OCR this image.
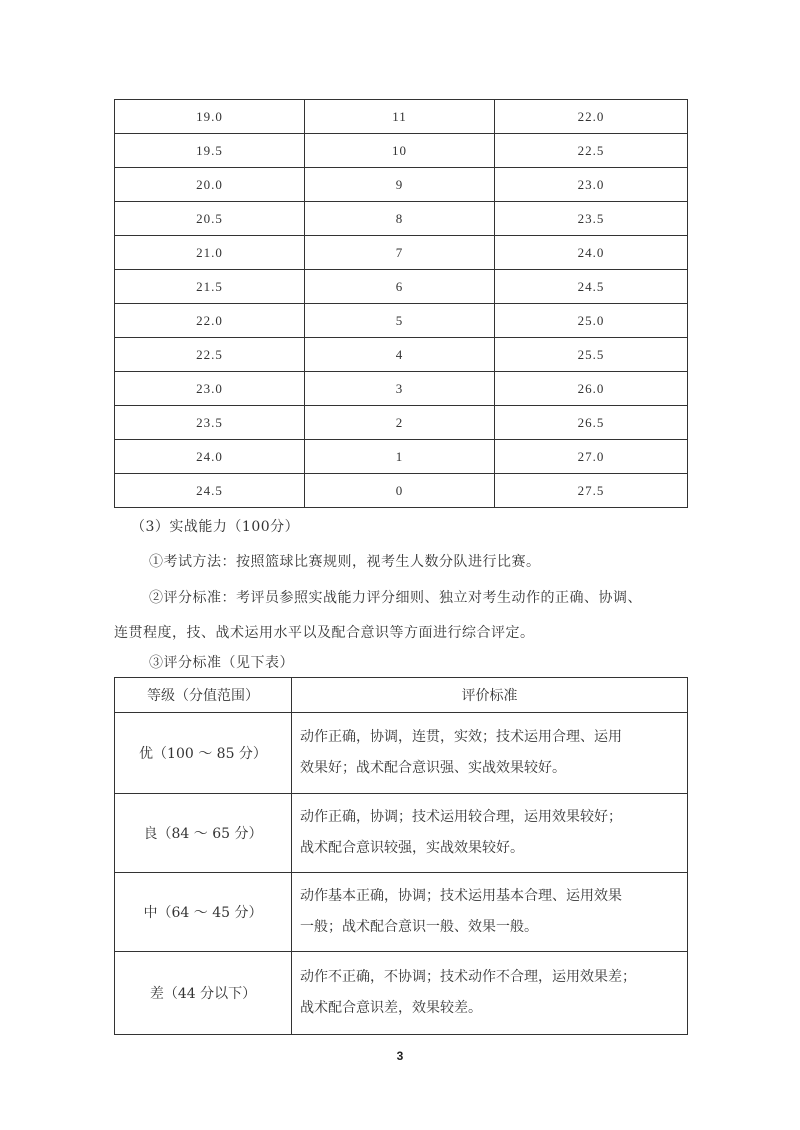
19.0	11	22.0
19.5	10	22.5
20.0	9	23.0
20.5	8	23.5
21.0	7	24.0
21.5	6	24.5
22.0	5	25.0
22.5	4	25.5
23.0	3	26.0
23.5	2	26.5
24.0	1	27.0
24.5	0	27.5
（3）实战能力（100分）
①考试方法：按照篮球比赛规则，视考生人数分队进行比赛。
②评分标准：考评员参照实战能力评分细则、独立对考生动作的正确、协调、
连贯程度，技、战术运用水平以及配合意识等方面进行综合评定。
③评分标准（见下表）
等级（分值范围）	评价标准
优（100 ～ 85 分）	动作正确，协调，连贯，实效；技术运用合理、运用
效果好；战术配合意识强、实战效果较好。

良（84 ～ 65 分）	动作正确，协调；技术运用较合理，运用效果较好；
战术配合意识较强，实战效果较好。

中（64 ～ 45 分）	动作基本正确，协调；技术运用基本合理、运用效果
一般；战术配合意识一般、效果一般。

差（44 分以下）	动作不正确，不协调；技术动作不合理，运用效果差；
战术配合意识差，效果较差。
3
